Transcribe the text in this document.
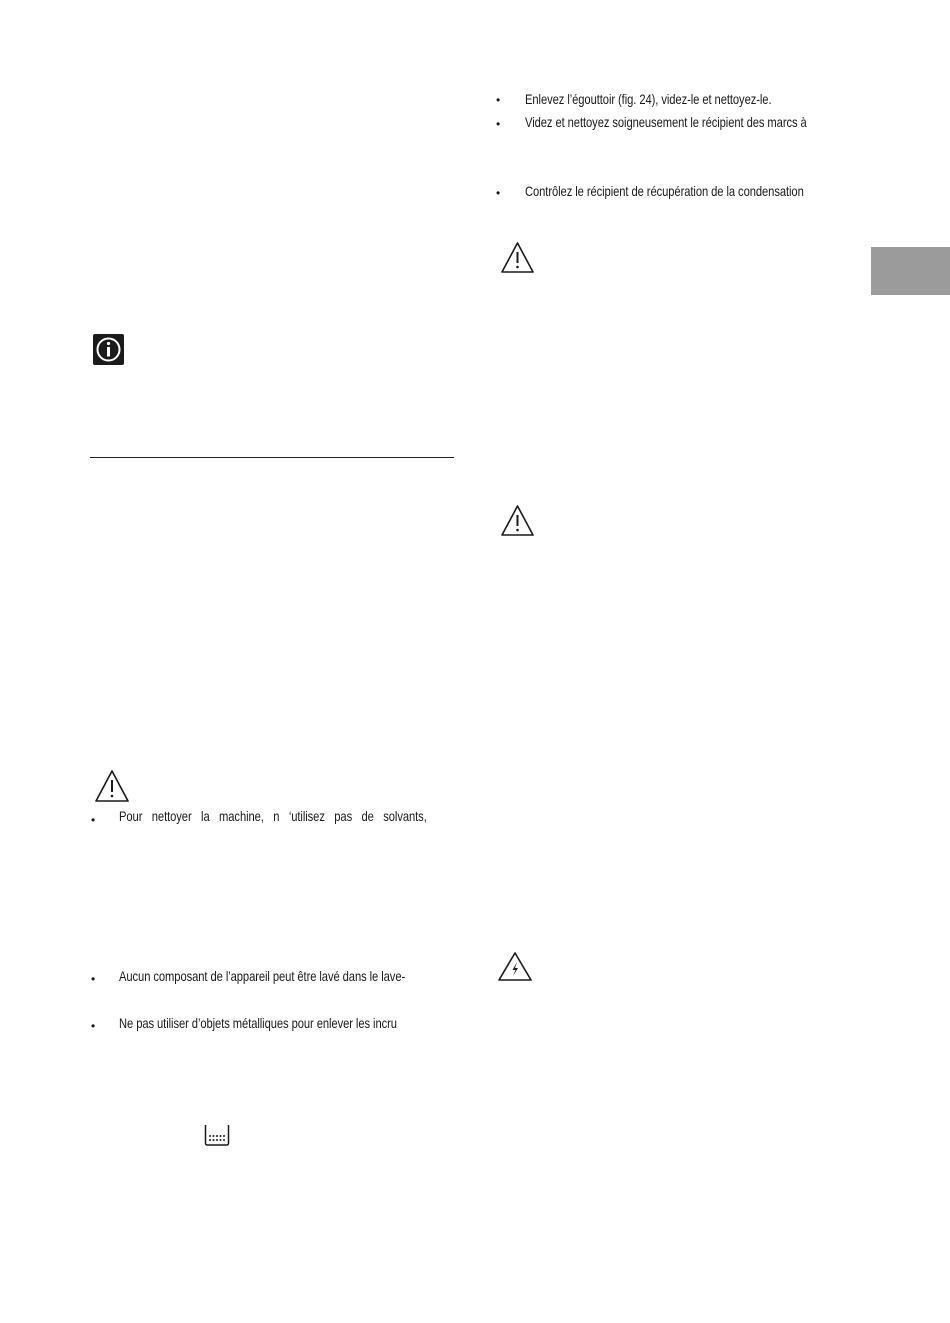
• Enlevez l’égouttoir (fig. 24), videz-le et nettoyez-le.
• Videz et nettoyez soigneusement le récipient des marcs à
• Contrôlez le récipient de récupération de la condensation
• Pour nettoyer la machine, n ‘utilisez pas de solvants,
• Aucun composant de l’appareil peut être lavé dans le lave-
• Ne pas utiliser d’objets métalliques pour enlever les incru
